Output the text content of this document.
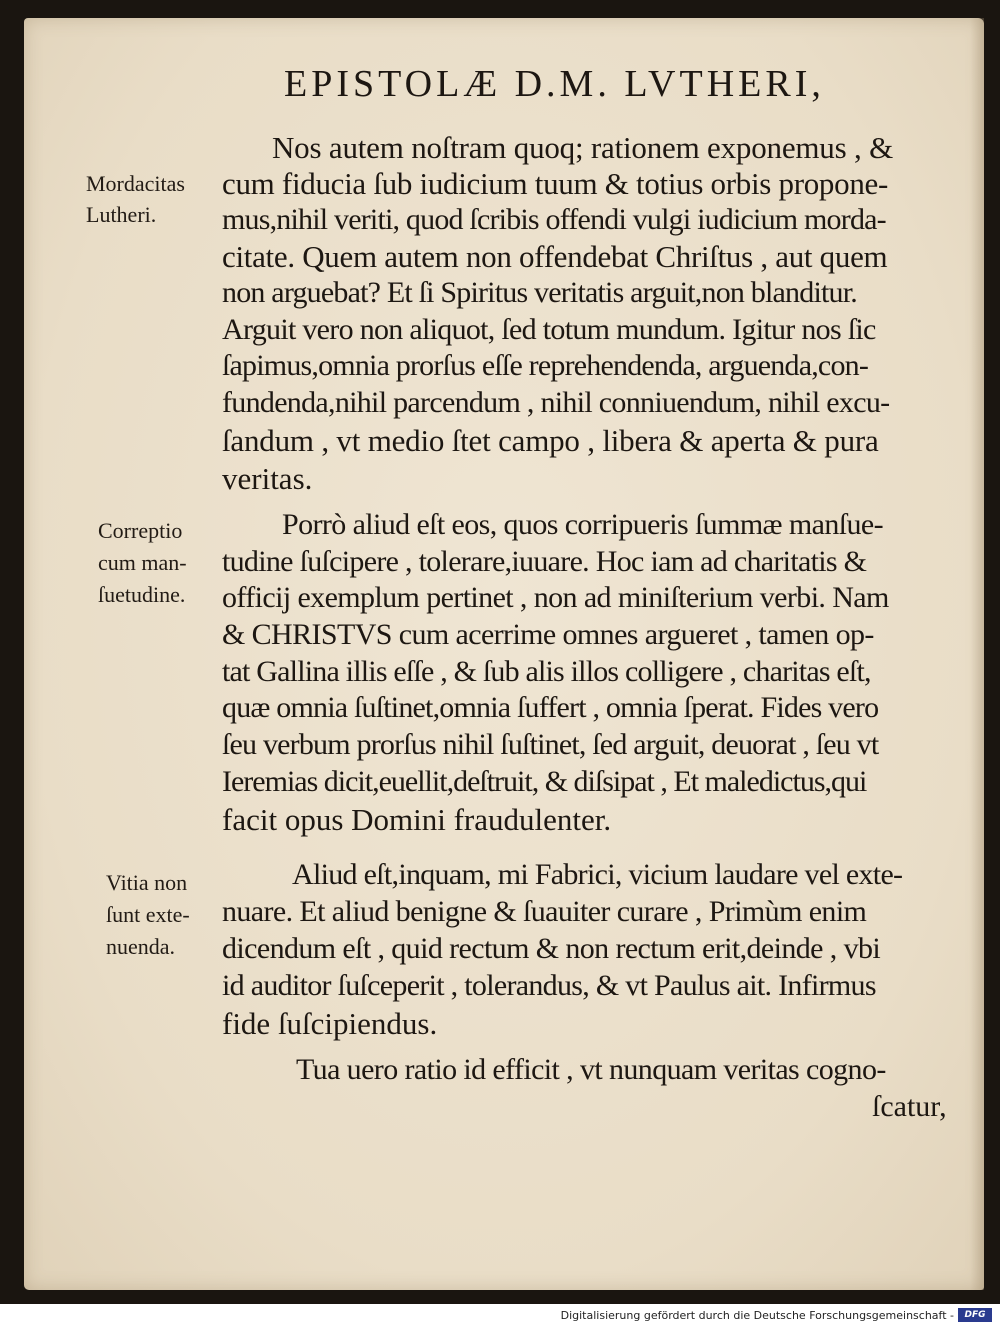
EPISTOLÆ D.M. LVTHERI,
Nos autem noſtram quoq; rationem exponemus , &
cum fiducia ſub iudicium tuum & totius orbis propone-
mus,nihil veriti, quod ſcribis offendi vulgi iudicium morda-
citate. Quem autem non offendebat Chriſtus , aut quem
non arguebat? Et ſi Spiritus veritatis arguit,non blanditur.
Arguit vero non aliquot, ſed totum mundum. Igitur nos ſic
ſapimus,omnia prorſus eſſe reprehendenda, arguenda,con-
fundenda,nihil parcendum , nihil conniuendum, nihil excu-
ſandum , vt medio ſtet campo , libera & aperta & pura
veritas.
Porrò aliud eſt eos, quos corripueris ſummæ manſue-
tudine ſuſcipere , tolerare,iuuare. Hoc iam ad charitatis &
officij exemplum pertinet , non ad miniſterium verbi. Nam
& CHRISTVS cum acerrime omnes argueret , tamen op-
tat Gallina illis eſſe , & ſub alis illos colligere , charitas eſt,
quæ omnia ſuſtinet,omnia ſuffert , omnia ſperat. Fides vero
ſeu verbum prorſus nihil ſuſtinet, ſed arguit, deuorat , ſeu vt
Ieremias dicit,euellit,deſtruit, & diſsipat , Et maledictus,qui
facit opus Domini fraudulenter.
Aliud eſt,inquam, mi Fabrici, vicium laudare vel exte-
nuare. Et aliud benigne & ſuauiter curare , Primùm enim
dicendum eſt , quid rectum & non rectum erit,deinde , vbi
id auditor ſuſceperit , tolerandus, & vt Paulus ait. Infirmus
fide ſuſcipiendus.
Tua uero ratio id efficit , vt nunquam veritas cogno-
ſcatur,
Mordacitas
Lutheri.
Correptio
cum man-
ſuetudine.
Vitia non
ſunt exte-
nuenda.
Digitalisierung gefördert durch die Deutsche Forschungsgemeinschaft -	DFG
